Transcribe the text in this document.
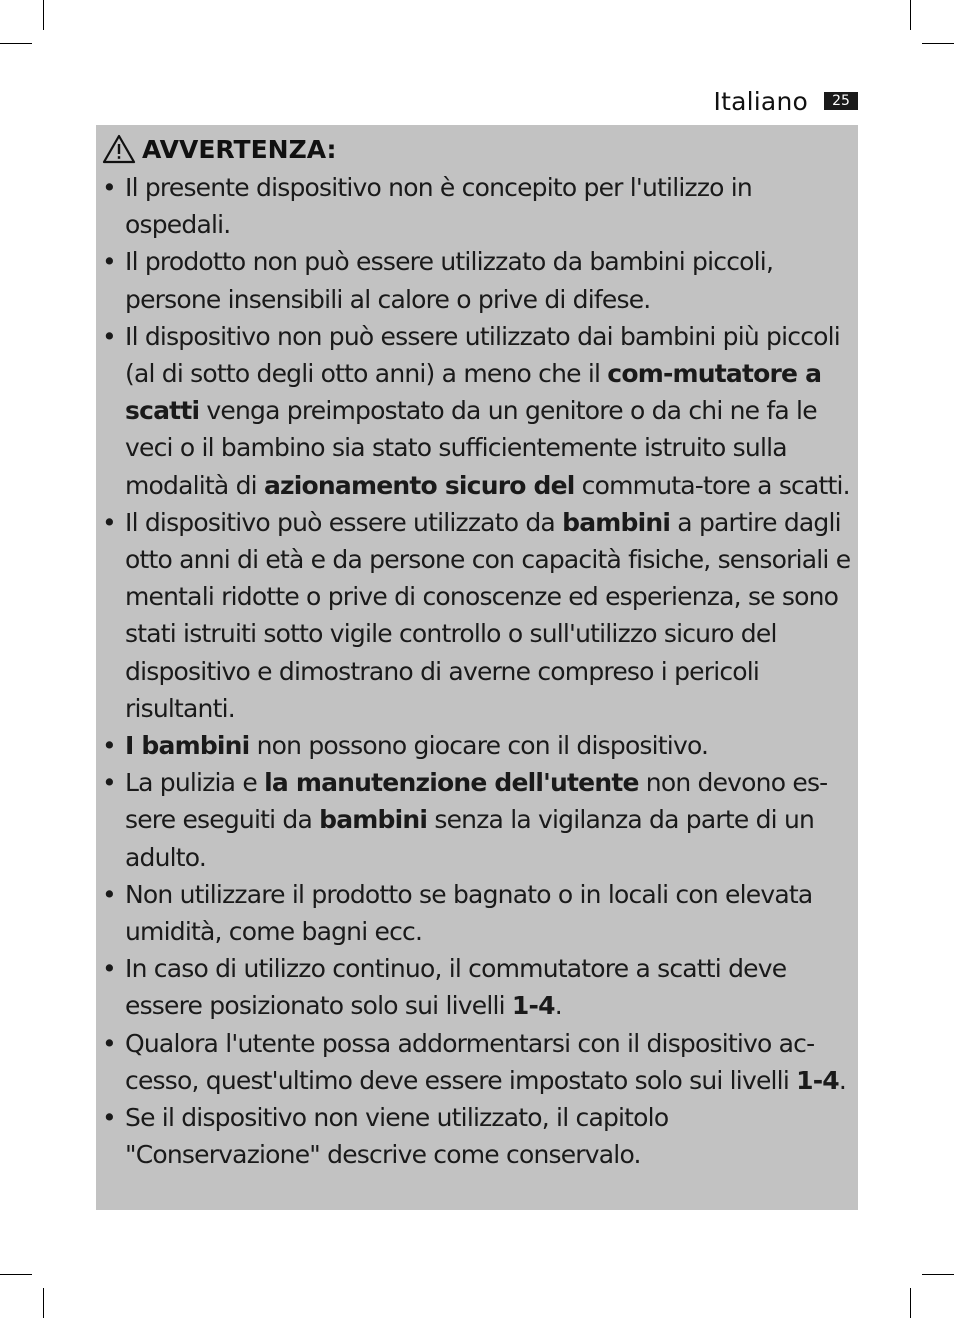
Italiano	25
AVVERTENZA:
• Il presente dispositivo non è concepito per l'utilizzo in ospedali.
• Il prodotto non può essere utilizzato da bambini piccoli, persone insensibili al calore o prive di difese.
• Il dispositivo non può essere utilizzato dai bambini più piccoli (al di sotto degli otto anni) a meno che il com-mutatore a scatti venga preimpostato da un genitore o da chi ne fa le veci o il bambino sia stato sufficientemente istruito sulla modalità di azionamento sicuro del commuta-tore a scatti.
• Il dispositivo può essere utilizzato da bambini a partire dagli otto anni di età e da persone con capacità fisiche, sensoriali e mentali ridotte o prive di conoscenze ed esperienza, se sono stati istruiti sotto vigile controllo o sull'utilizzo sicuro del dispositivo e dimostrano di averne compreso i pericoli risultanti.
• I bambini non possono giocare con il dispositivo.
• La pulizia e la manutenzione dell'utente non devono es-sere eseguiti da bambini senza la vigilanza da parte di un adulto.
• Non utilizzare il prodotto se bagnato o in locali con elevata umidità, come bagni ecc.
• In caso di utilizzo continuo, il commutatore a scatti deve essere posizionato solo sui livelli 1-4.
• Qualora l'utente possa addormentarsi con il dispositivo ac-cesso, quest'ultimo deve essere impostato solo sui livelli 1-4.
• Se il dispositivo non viene utilizzato, il capitolo "Conservazione" descrive come conservalo.
